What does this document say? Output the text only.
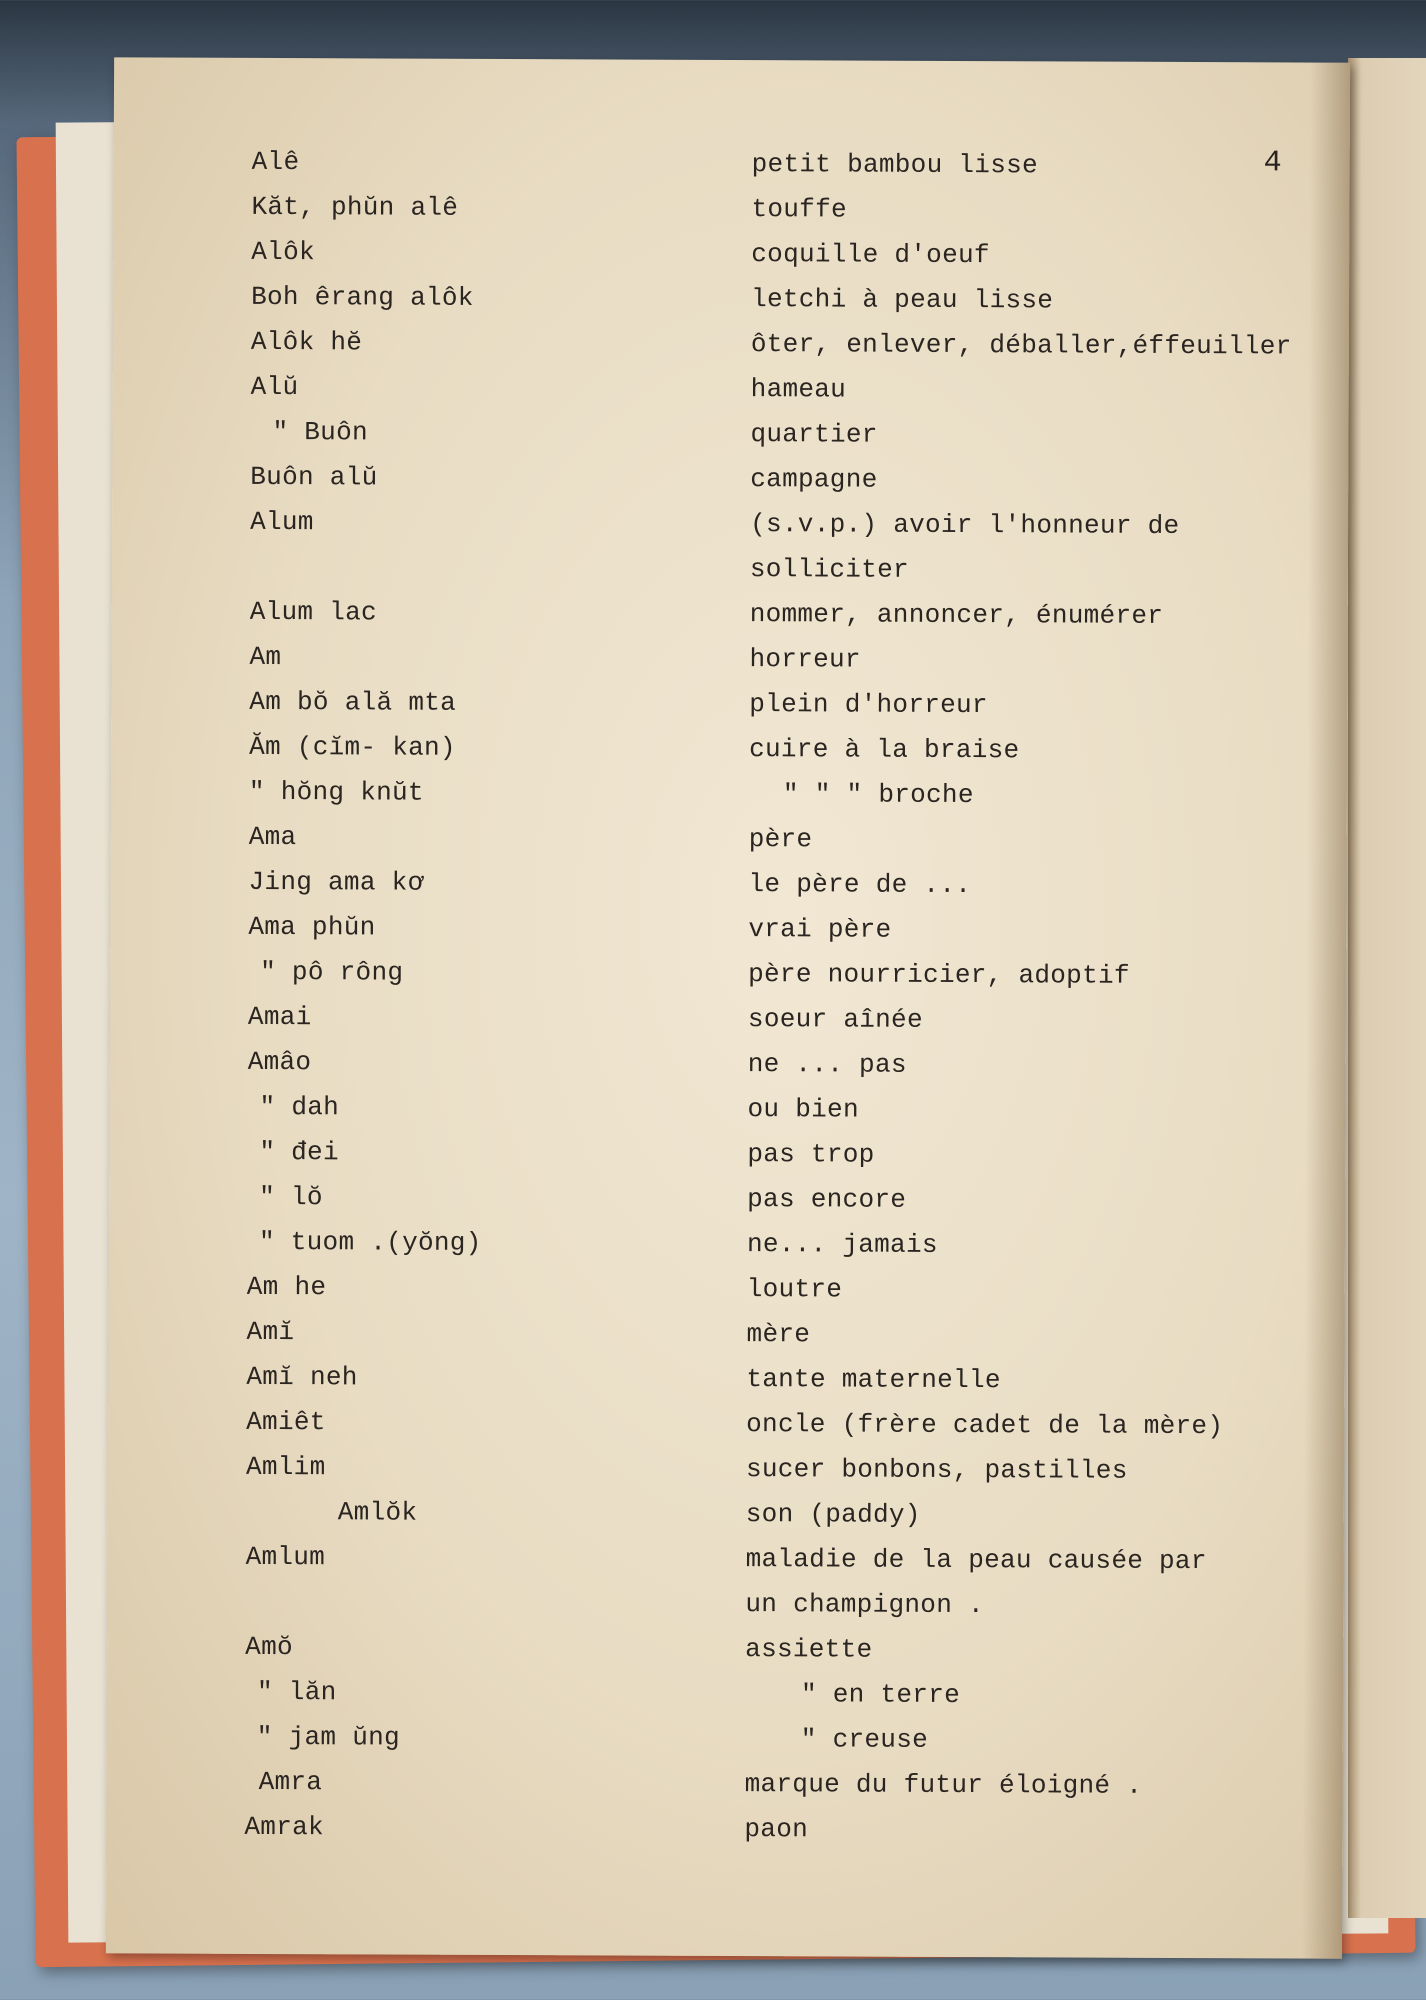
4
Alê	petit bambou lisse
Kăt, phŭn alê	touffe
Alôk	coquille d'oeuf
Boh êrang alôk	letchi à peau lisse
Alôk hĕ	ôter, enlever, déballer,éffeuiller
Alŭ	hameau
" Buôn	quartier
Buôn alŭ	campagne
Alum	(s.v.p.) avoir l'honneur de
solliciter
Alum lac	nommer, annoncer, énumérer
Am	horreur
Am bŏ ală mta	plein d'horreur
Ăm (cĭm- kan)	cuire à la braise
" hŏng knŭt	" " " broche
Ama	père
Jing ama kơ	le père de ...
Ama phŭn	vrai père
" pô rông	père nourricier, adoptif
Amai	soeur aînée
Amâo	ne ... pas
" dah	ou bien
" đei	pas trop
" lŏ	pas encore
" tuom .(yŏng)	ne... jamais
Am he	loutre
Amĭ	mère
Amĭ neh	tante maternelle
Amiêt	oncle (frère cadet de la mère)
Amlim	sucer bonbons, pastilles
Amlŏk	son (paddy)
Amlum	maladie de la peau causée par
un champignon .
Amŏ	assiette
" lăn	" en terre
" jam ŭng	" creuse
Amra	marque du futur éloigné .
Amrak	paon
